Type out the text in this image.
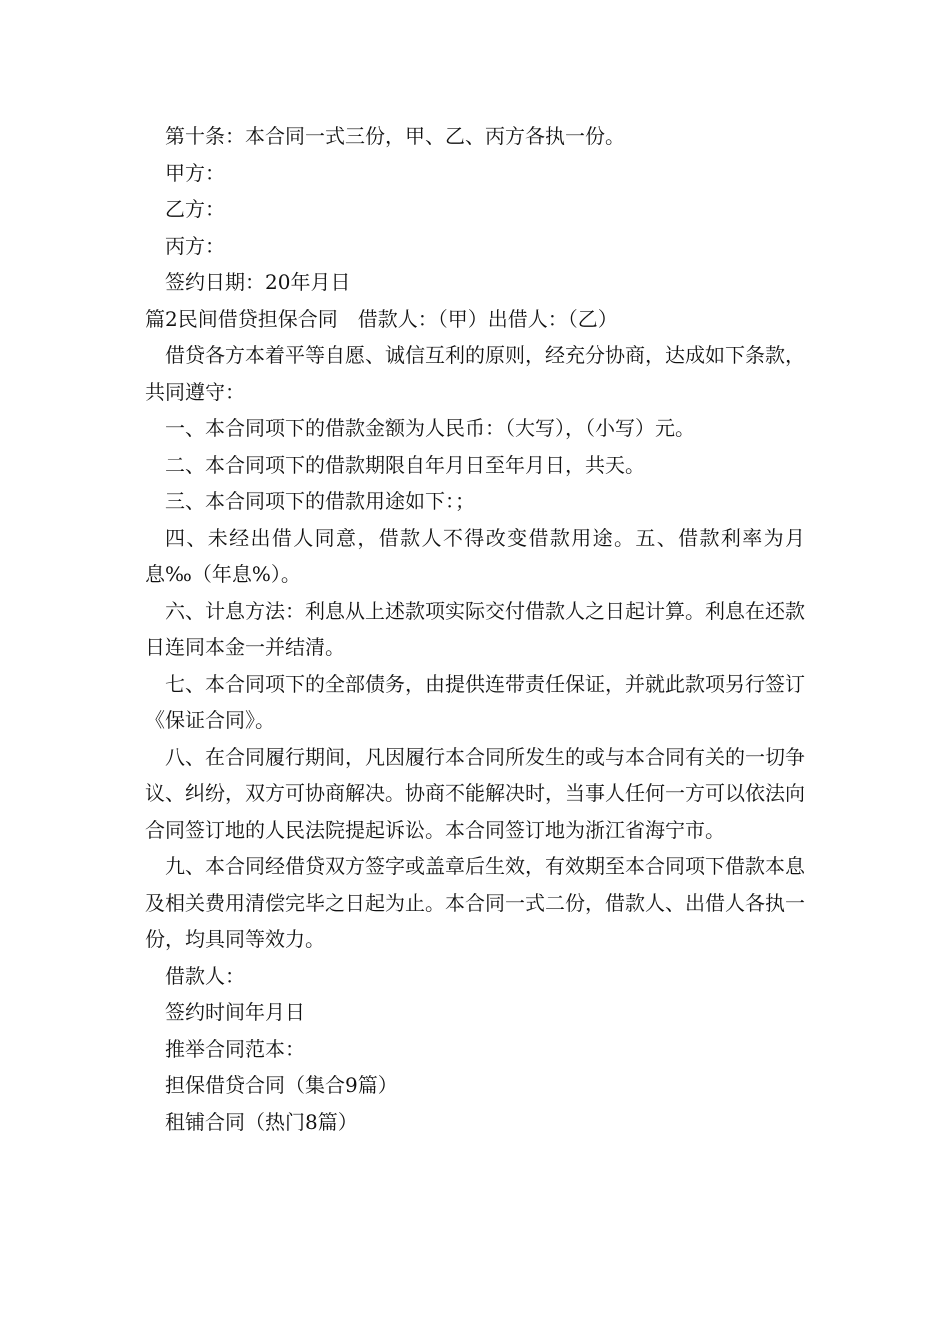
第十条：本合同一式三份，甲、乙、丙方各执一份。
甲方：
乙方：
丙方：
签约日期：20年月日
篇2民间借贷担保合同　借款人：（甲）出借人：（乙）

借贷各方本着平等自愿、诚信互利的原则，经充分协商，达成如下条款，共同遵守：

一、本合同项下的借款金额为人民币：（大写），（小写）元。
二、本合同项下的借款期限自年月日至年月日，共天。
三、本合同项下的借款用途如下：；

四、未经出借人同意，借款人不得改变借款用途。五、借款利率为月息‰（年息%）。

六、计息方法：利息从上述款项实际交付借款人之日起计算。利息在还款日连同本金一并结清。

七、本合同项下的全部债务，由提供连带责任保证，并就此款项另行签订《保证合同》。

八、在合同履行期间，凡因履行本合同所发生的或与本合同有关的一切争议、纠纷，双方可协商解决。协商不能解决时，当事人任何一方可以依法向合同签订地的人民法院提起诉讼。本合同签订地为浙江省海宁市。

九、本合同经借贷双方签字或盖章后生效，有效期至本合同项下借款本息及相关费用清偿完毕之日起为止。本合同一式二份，借款人、出借人各执一份，均具同等效力。

借款人：
签约时间年月日
推举合同范本：
担保借贷合同（集合9篇）
租铺合同（热门8篇）
